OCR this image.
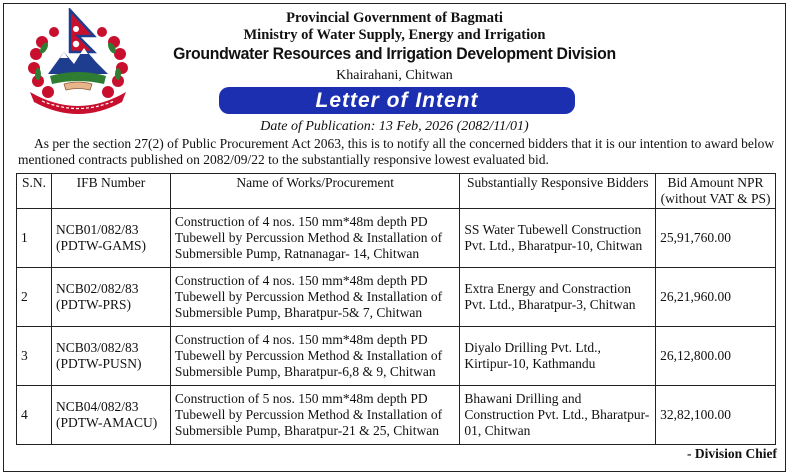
Provincial Government of Bagmati
Ministry of Water Supply, Energy and Irrigation
Groundwater Resources and Irrigation Development Division
Khairahani, Chitwan
Letter of Intent
Date of Publication: 13 Feb, 2026 (2082/11/01)

As per the section 27(2) of Public Procurement Act 2063, this is to notify all the concerned bidders that it is our intention to award below mentioned contracts published on 2082/09/22 to the substantially responsive lowest evaluated bid.

S.N.	IFB Number	Name of Works/Procurement	Substantially Responsive Bidders	Bid Amount NPR (without VAT & PS)
1	NCB01/082/83 (PDTW-GAMS)	Construction of 4 nos. 150 mm*48m depth PD Tubewell by Percussion Method & Installation of Submersible Pump, Ratnanagar- 14, Chitwan	SS Water Tubewell Construction Pvt. Ltd., Bharatpur-10, Chitwan	25,91,760.00
2	NCB02/082/83 (PDTW-PRS)	Construction of 4 nos. 150 mm*48m depth PD Tubewell by Percussion Method & Installation of Submersible Pump, Bharatpur-5& 7, Chitwan	Extra Energy and Constraction Pvt. Ltd., Bharatpur-3, Chitwan	26,21,960.00
3	NCB03/082/83 (PDTW-PUSN)	Construction of 4 nos. 150 mm*48m depth PD Tubewell by Percussion Method & Installation of Submersible Pump, Bharatpur-6,8 & 9, Chitwan	Diyalo Drilling Pvt. Ltd., Kirtipur-10, Kathmandu	26,12,800.00
4	NCB04/082/83 (PDTW-AMACU)	Construction of 5 nos. 150 mm*48m depth PD Tubewell by Percussion Method & Installation of Submersible Pump, Bharatpur-21 & 25, Chitwan	Bhawani Drilling and Construction Pvt. Ltd., Bharatpur-01, Chitwan	32,82,100.00
- Division Chief
